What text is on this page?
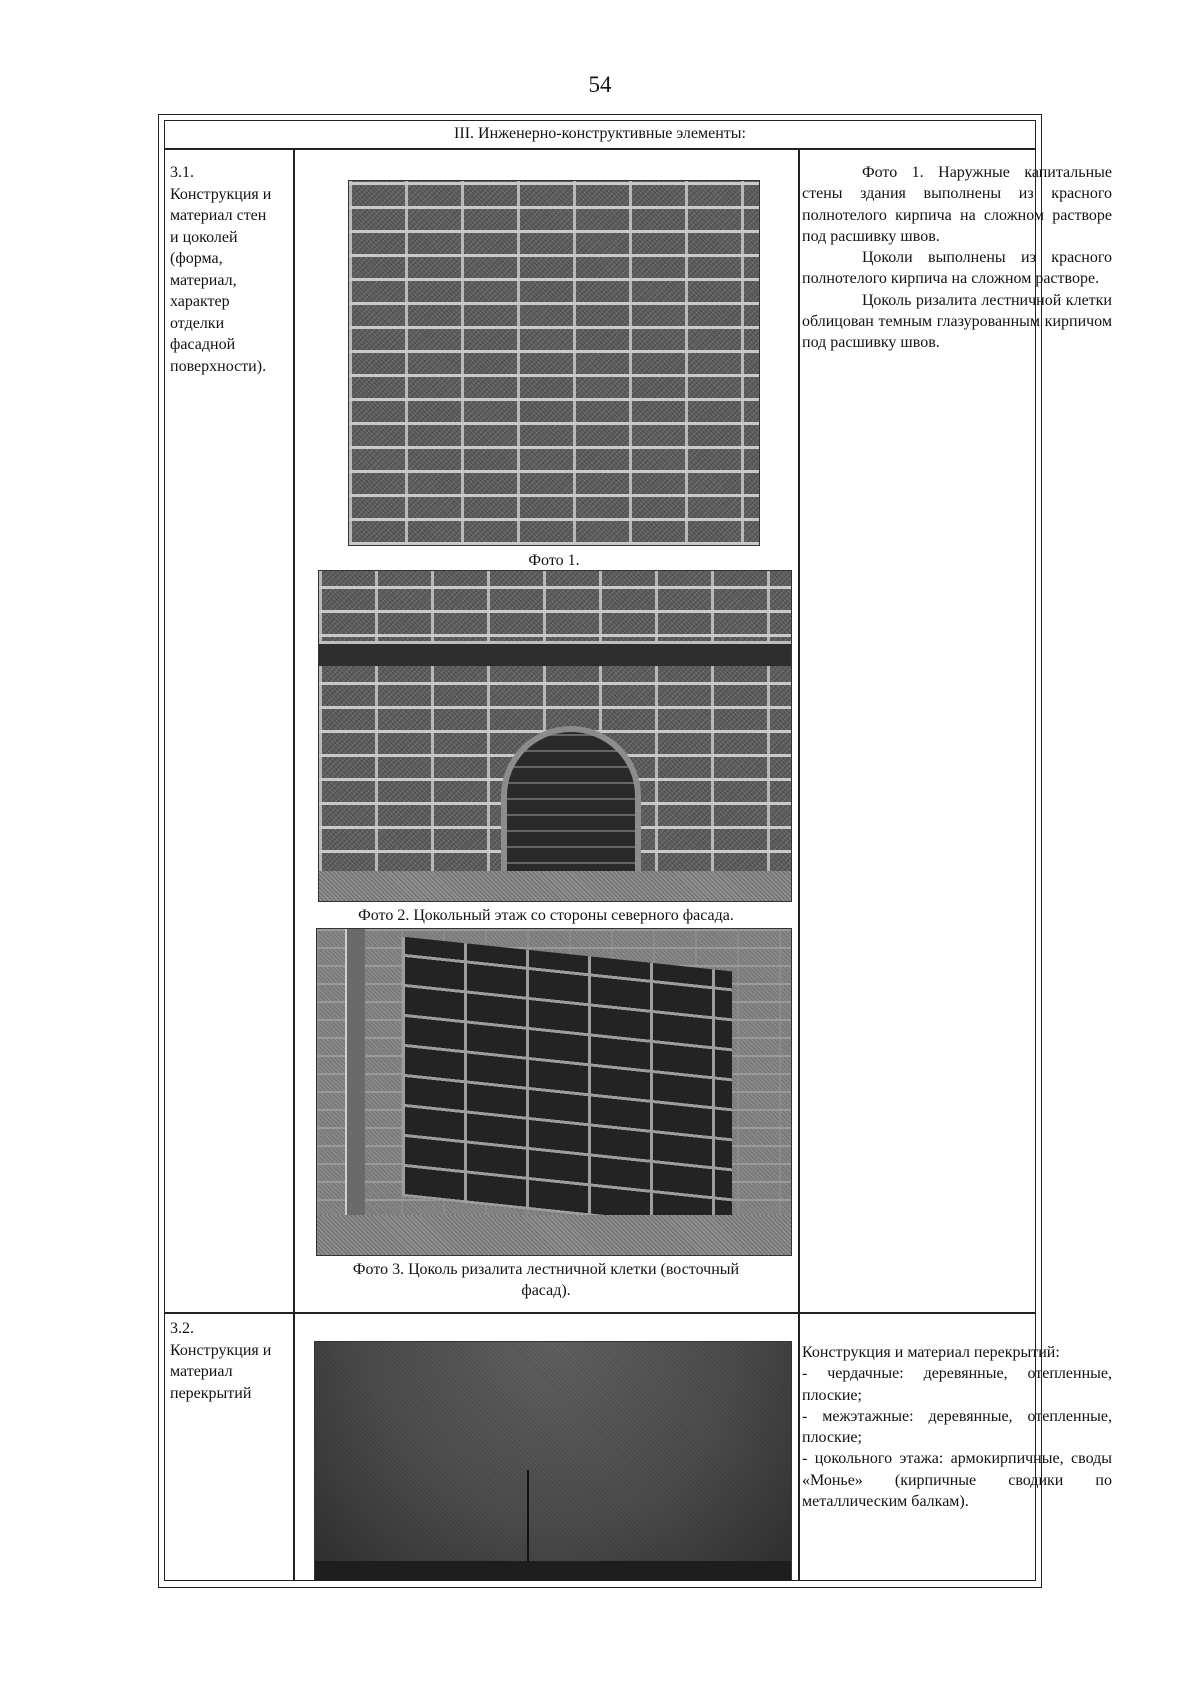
54
III. Инженерно-конструктивные элементы:
3.1.
Конструкция и
материал стен
и цоколей
(форма,
материал,
характер
отделки
фасадной
поверхности).
Фото 1.
Фото 2. Цокольный этаж со стороны северного фасада.
Фото 3. Цоколь ризалита лестничной клетки (восточный
фасад).

Фото 1. Наружные капитальные стены здания выполнены из красного полнотелого кирпича на сложном растворе под расшивку швов.

Цоколи выполнены из красного полнотелого кирпича на сложном растворе.

Цоколь ризалита лестничной клетки облицован темным глазурованным кирпичом под расшивку швов.

3.2.
Конструкция и
материал
перекрытий

Конструкция и материал перекрытий:

- чердачные: деревянные, отепленные, плоские;

- межэтажные: деревянные, отепленные, плоские;

- цокольного этажа: армокирпичные, своды «Монье» (кирпичные сводики по металлическим балкам).
